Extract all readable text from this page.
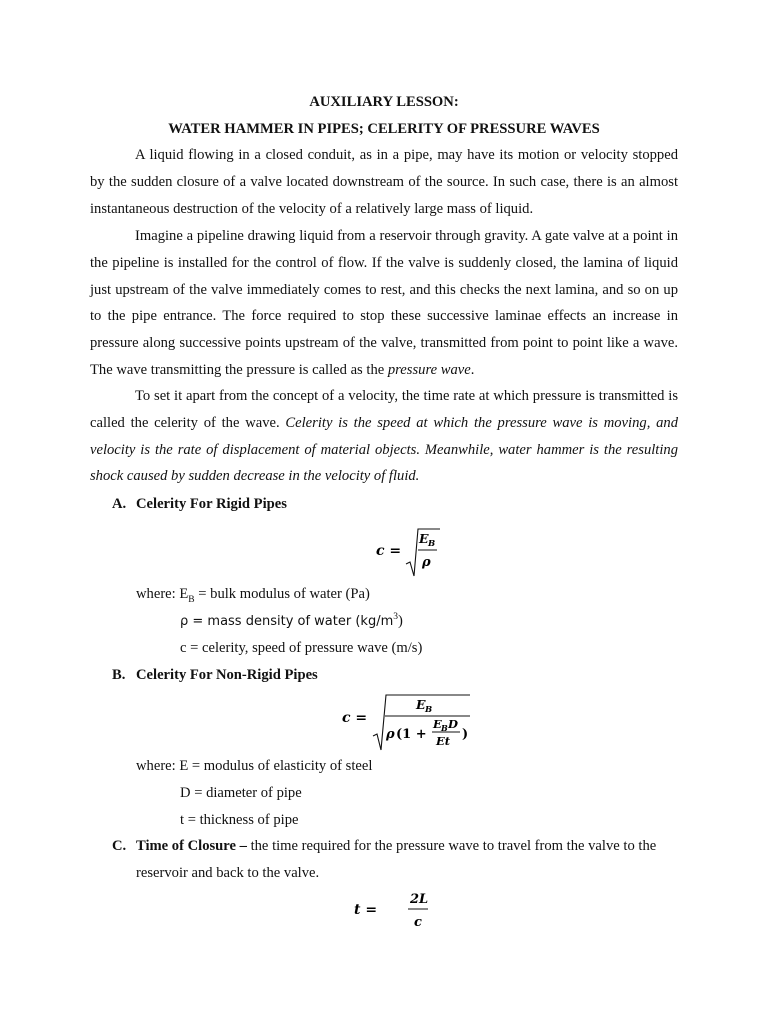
AUXILIARY LESSON:
WATER HAMMER IN PIPES; CELERITY OF PRESSURE WAVES

A liquid flowing in a closed conduit, as in a pipe, may have its motion or velocity stopped by the sudden closure of a valve located downstream of the source. In such case, there is an almost instantaneous destruction of the velocity of a relatively large mass of liquid.

Imagine a pipeline drawing liquid from a reservoir through gravity. A gate valve at a point in the pipeline is installed for the control of flow. If the valve is suddenly closed, the lamina of liquid just upstream of the valve immediately comes to rest, and this checks the next lamina, and so on up to the pipe entrance. The force required to stop these successive laminae effects an increase in pressure along successive points upstream of the valve, transmitted from point to point like a wave. The wave transmitting the pressure is called as the pressure wave.

To set it apart from the concept of a velocity, the time rate at which pressure is transmitted is called the celerity of the wave. Celerity is the speed at which the pressure wave is moving, and velocity is the rate of displacement of material objects. Meanwhile, water hammer is the resulting shock caused by sudden decrease in the velocity of fluid.

A. Celerity For Rigid Pipes
c =
E B
ρ
where: $E_B$ = bulk modulus of water (Pa)
ρ = mass density of water $(kg/m^3)$
c = celerity, speed of pressure wave (m/s)
B. Celerity For Non-Rigid Pipes
c =
E B
ρ (𝟏 +
E B D
Et )
where: E = modulus of elasticity of steel
D = diameter of pipe
t = thickness of pipe
C. Time of Closure – the time required for the pressure wave to travel from the valve to the
reservoir and back to the valve.
t =
2L
c
